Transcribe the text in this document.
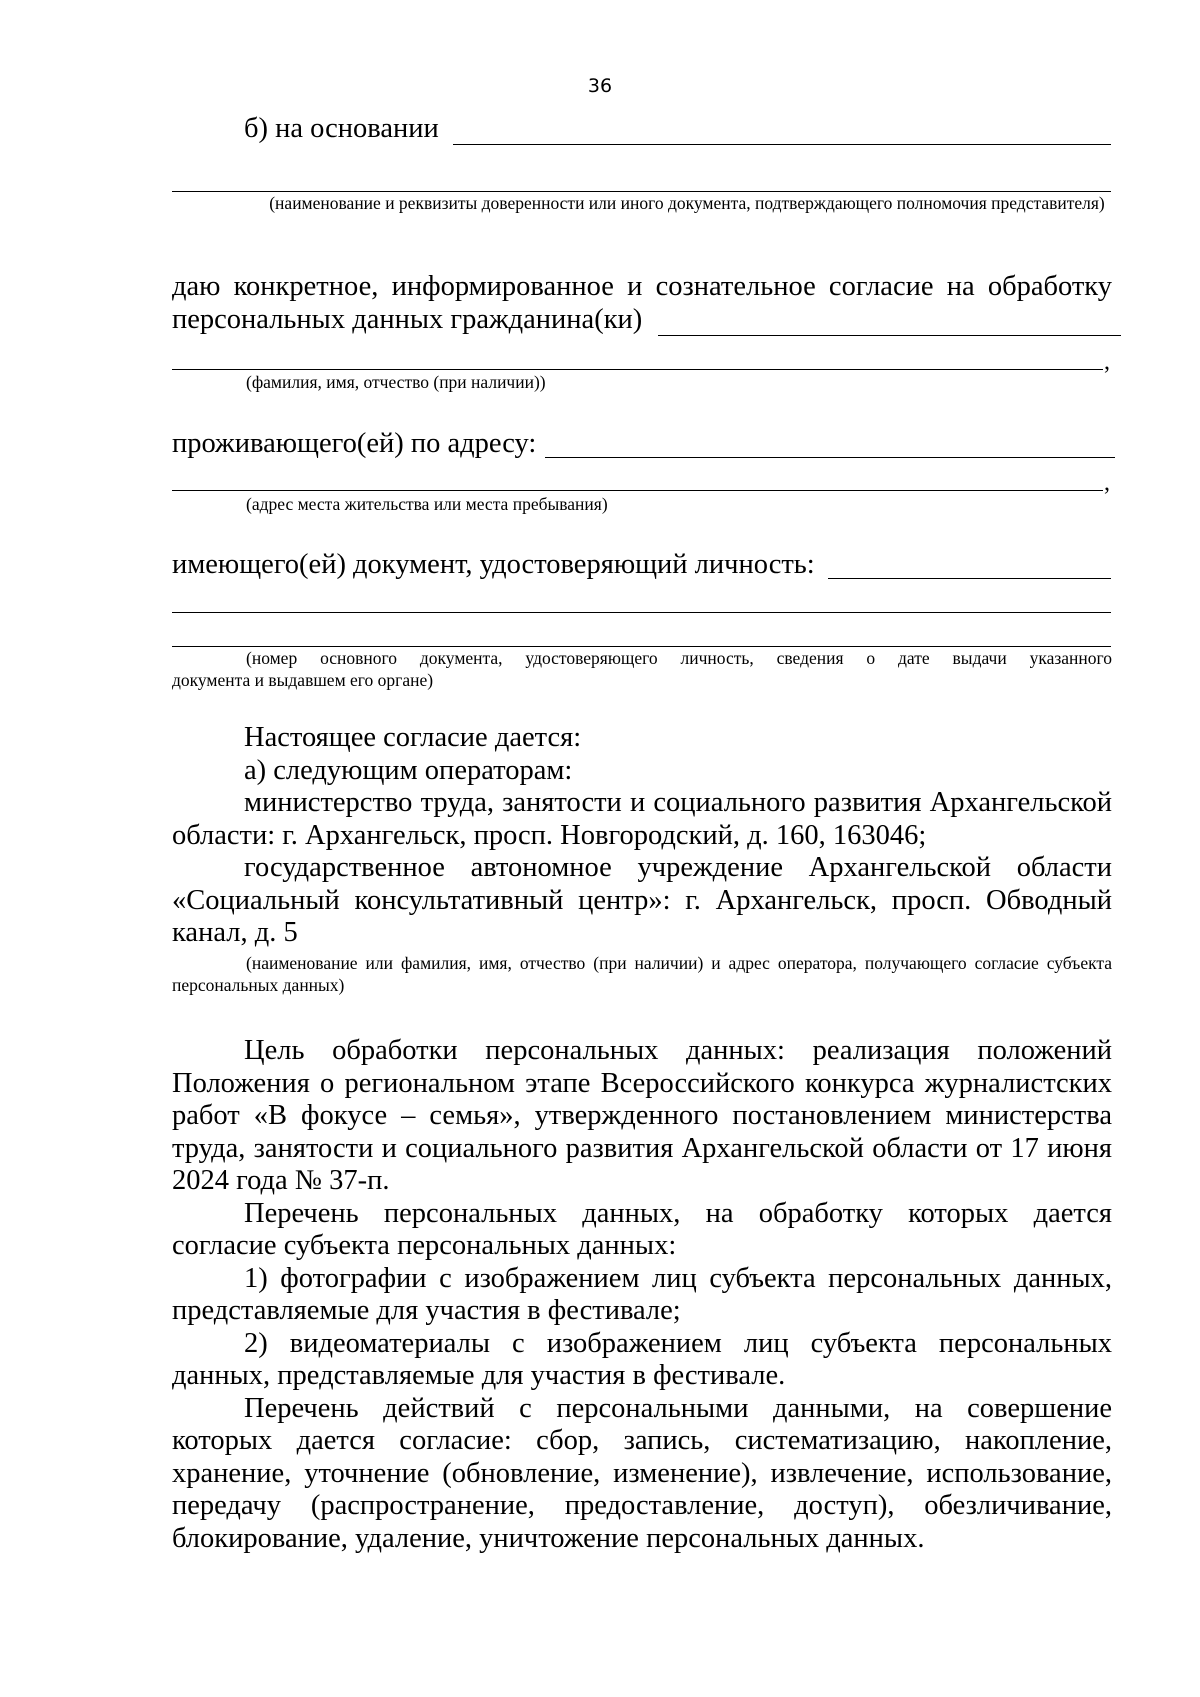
36
б) на основании
(наименование и реквизиты доверенности или иного документа, подтверждающего полномочия представителя)
даю конкретное, информированное и сознательное согласие на обработку
персональных данных гражданина(ки)
,
(фамилия, имя, отчество (при наличии))
проживающего(ей) по адресу:
,
(адрес места жительства или места пребывания)
имеющего(ей) документ, удостоверяющий личность:
(номер основного документа, удостоверяющего личность, сведения о дате выдачи указанного
документа и выдавшем его органе)

Настоящее согласие дается:

а) следующим операторам:

министерство труда, занятости и социального развития Архангельской области: г. Архангельск, просп. Новгородский, д. 160, 163046;

государственное автономное учреждение Архангельской области «Социальный консультативный центр»: г. Архангельск, просп. Обводный канал, д. 5

(наименование или фамилия, имя, отчество (при наличии) и адрес оператора, получающего согласие субъекта персональных данных)

Цель обработки персональных данных: реализация положений Положения о региональном этапе Всероссийского конкурса журналистских работ «В фокусе – семья», утвержденного постановлением министерства труда, занятости и социального развития Архангельской области от 17 июня 2024 года № 37-п.

Перечень персональных данных, на обработку которых дается согласие субъекта персональных данных:

1) фотографии с изображением лиц субъекта персональных данных, представляемые для участия в фестивале;

2) видеоматериалы с изображением лиц субъекта персональных данных, представляемые для участия в фестивале.

Перечень действий с персональными данными, на совершение которых дается согласие: сбор, запись, систематизацию, накопление, хранение, уточнение (обновление, изменение), извлечение, использование, передачу (распространение, предоставление, доступ), обезличивание, блокирование, удаление, уничтожение персональных данных.
